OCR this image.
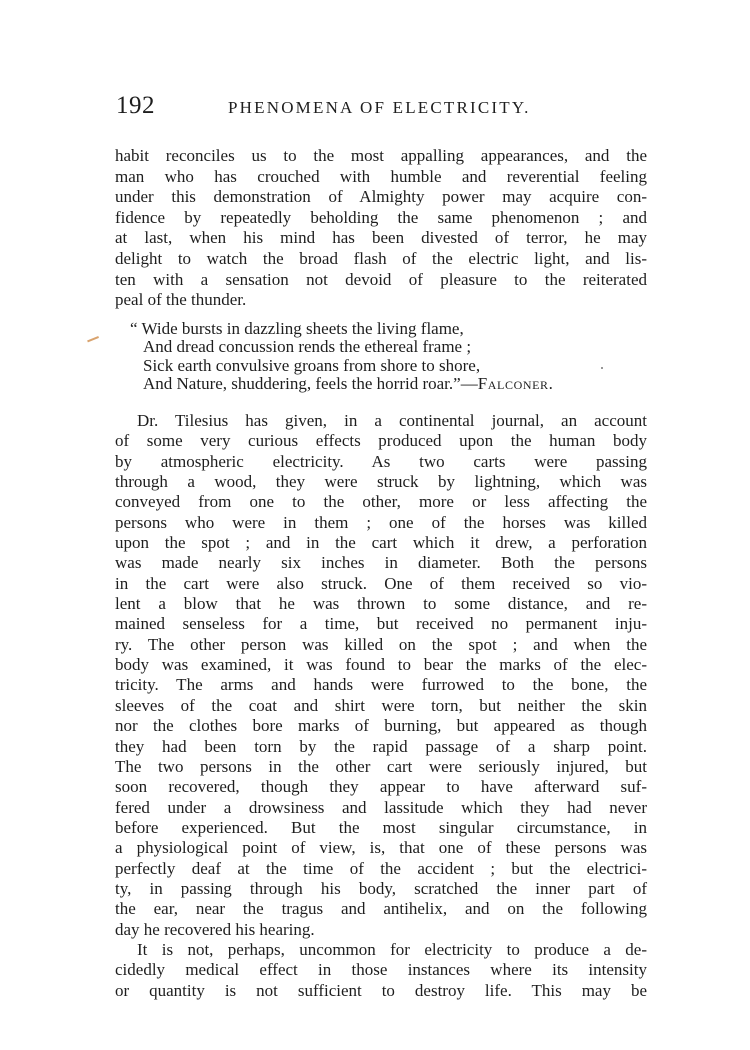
192	PHENOMENA OF ELECTRICITY.
habit reconciles us to the most appalling appearances, and the
man who has crouched with humble and reverential feeling
under this demonstration of Almighty power may acquire con-
fidence by repeatedly beholding the same phenomenon ; and
at last, when his mind has been divested of terror, he may
delight to watch the broad flash of the electric light, and lis-
ten with a sensation not devoid of pleasure to the reiterated
peal of the thunder.
“ Wide bursts in dazzling sheets the living flame,
And dread concussion rends the ethereal frame ;
Sick earth convulsive groans from shore to shore,
And Nature, shuddering, feels the horrid roar.”—Falconer.
Dr. Tilesius has given, in a continental journal, an account
of some very curious effects produced upon the human body
by atmospheric electricity. As two carts were passing
through a wood, they were struck by lightning, which was
conveyed from one to the other, more or less affecting the
persons who were in them ; one of the horses was killed
upon the spot ; and in the cart which it drew, a perforation
was made nearly six inches in diameter. Both the persons
in the cart were also struck. One of them received so vio-
lent a blow that he was thrown to some distance, and re-
mained senseless for a time, but received no permanent inju-
ry. The other person was killed on the spot ; and when the
body was examined, it was found to bear the marks of the elec-
tricity. The arms and hands were furrowed to the bone, the
sleeves of the coat and shirt were torn, but neither the skin
nor the clothes bore marks of burning, but appeared as though
they had been torn by the rapid passage of a sharp point.
The two persons in the other cart were seriously injured, but
soon recovered, though they appear to have afterward suf-
fered under a drowsiness and lassitude which they had never
before experienced. But the most singular circumstance, in
a physiological point of view, is, that one of these persons was
perfectly deaf at the time of the accident ; but the electrici-
ty, in passing through his body, scratched the inner part of
the ear, near the tragus and antihelix, and on the following
day he recovered his hearing.
It is not, perhaps, uncommon for electricity to produce a de-
cidedly medical effect in those instances where its intensity
or quantity is not sufficient to destroy life. This may be
